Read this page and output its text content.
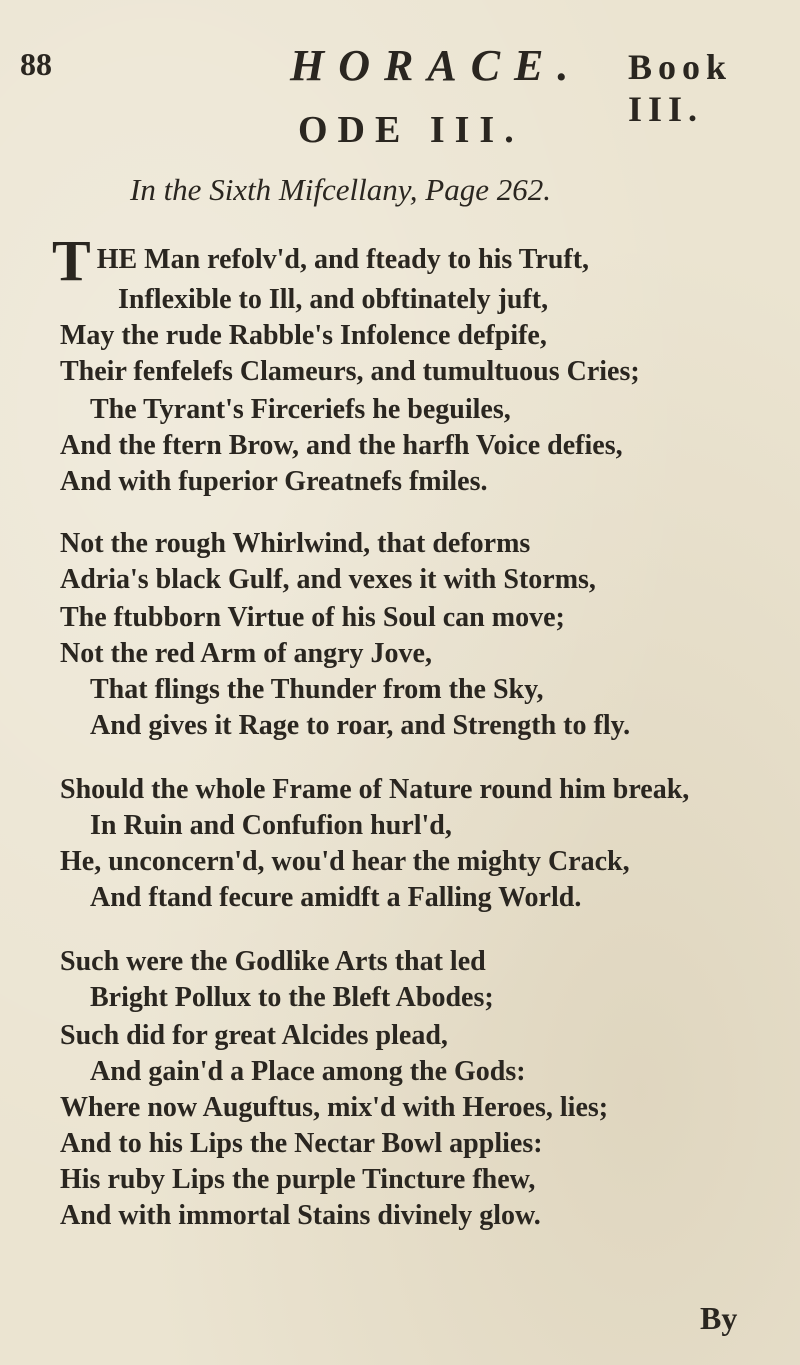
88	HORACE. Book III.
ODE III.
In the Sixth Mifcellany, Page 262.
THE Man refolv'd, and fteady to his Truft,
Inflexible to Ill, and obftinately juft,
May the rude Rabble's Infolence defpife,
Their fenfelefs Clameurs, and tumultuous Cries;
The Tyrant's Firceriefs he beguiles,
And the ftern Brow, and the harfh Voice defies,
And with fuperior Greatnefs fmiles.
Not the rough Whirlwind, that deforms
Adria's black Gulf, and vexes it with Storms,
The ftubborn Virtue of his Soul can move;
Not the red Arm of angry Jove,
That flings the Thunder from the Sky,
And gives it Rage to roar, and Strength to fly.
Should the whole Frame of Nature round him break,
In Ruin and Confufion hurl'd,
He, unconcern'd, wou'd hear the mighty Crack,
And ftand fecure amidft a Falling World.
Such were the Godlike Arts that led
Bright Pollux to the Bleft Abodes;
Such did for great Alcides plead,
And gain'd a Place among the Gods:
Where now Auguftus, mix'd with Heroes, lies;
And to his Lips the Nectar Bowl applies:
His ruby Lips the purple Tincture fhew,
And with immortal Stains divinely glow.
By
